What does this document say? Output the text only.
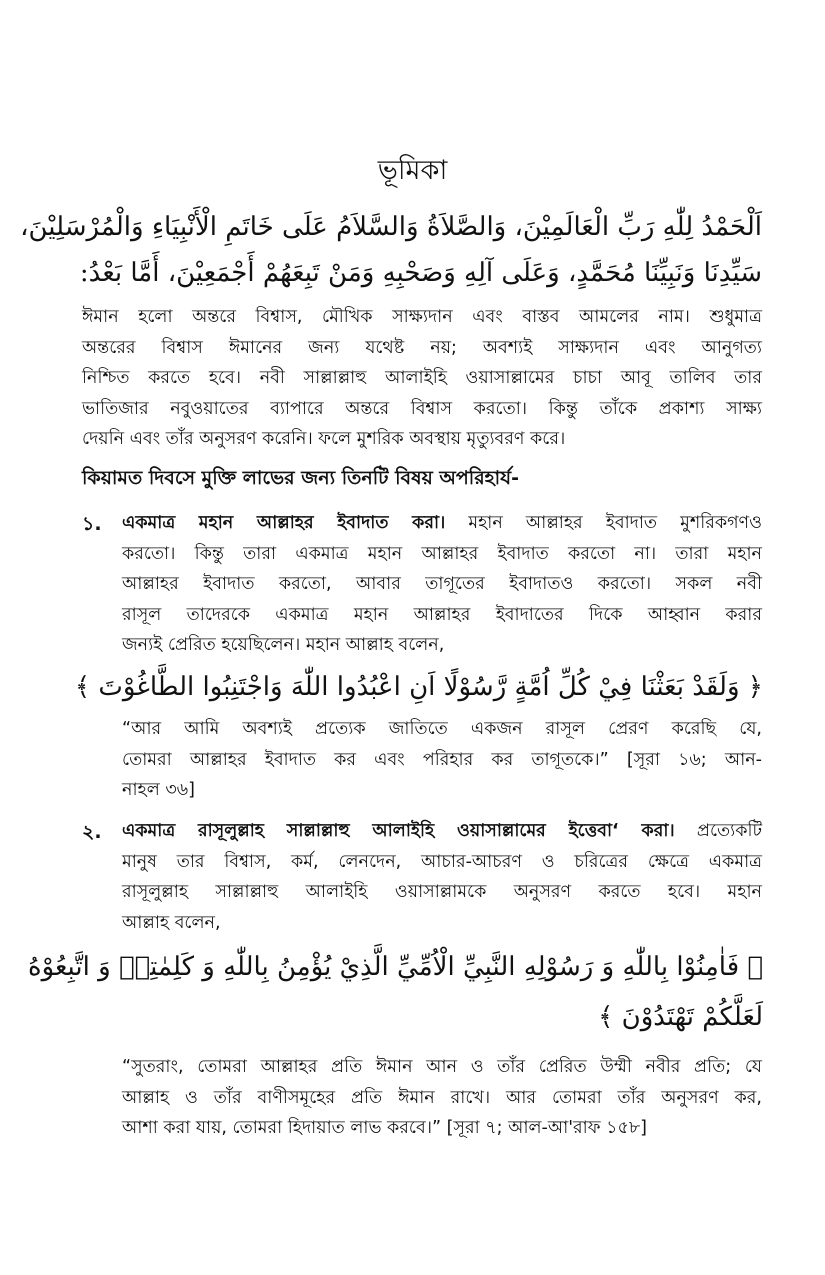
ভূমিকা
اَلْحَمْدُ لِلّٰهِ رَبِّ الْعَالَمِيْنَ، وَالصَّلاَةُ وَالسَّلاَمُ عَلَى خَاتَمِ الْأَنْبِيَاءِ وَالْمُرْسَلِيْنَ،
سَيِّدِنَا وَنَبِيِّنَا مُحَمَّدٍ، وَعَلَى آلِهِ وَصَحْبِهِ وَمَنْ تَبِعَهُمْ أَجْمَعِيْنَ، أَمَّا بَعْدُ:
ঈমান হলো অন্তরে বিশ্বাস, মৌখিক সাক্ষ্যদান এবং বাস্তব আমলের নাম। শুধুমাত্র
অন্তরের বিশ্বাস ঈমানের জন্য যথেষ্ট নয়; অবশ্যই সাক্ষ্যদান এবং আনুগত্য
নিশ্চিত করতে হবে। নবী সাল্লাল্লাহু আলাইহি ওয়াসাল্লামের চাচা আবূ তালিব তার
ভাতিজার নবুওয়াতের ব্যাপারে অন্তরে বিশ্বাস করতো। কিন্তু তাঁকে প্রকাশ্য সাক্ষ্য
দেয়নি এবং তাঁর অনুসরণ করেনি। ফলে মুশরিক অবস্থায় মৃত্যুবরণ করে।
কিয়ামত দিবসে মুক্তি লাভের জন্য তিনটি বিষয় অপরিহার্য-
১. একমাত্র মহান আল্লাহর ইবাদাত করা। মহান আল্লাহর ইবাদাত মুশরিকগণও
করতো। কিন্তু তারা একমাত্র মহান আল্লাহর ইবাদাত করতো না। তারা মহান
আল্লাহর ইবাদাত করতো, আবার তাগূতের ইবাদাতও করতো। সকল নবী
রাসূল তাদেরকে একমাত্র মহান আল্লাহর ইবাদাতের দিকে আহ্বান করার
জন্যই প্রেরিত হয়েছিলেন। মহান আল্লাহ বলেন,
﴿ وَلَقَدْ بَعَثْنَا فِيْ كُلِّ اُمَّةٍ رَّسُوْلًا اَنِ اعْبُدُوا اللّٰهَ وَاجْتَنِبُوا الطَّاغُوْتَ ﴾
“আর আমি অবশ্যই প্রত্যেক জাতিতে একজন রাসূল প্রেরণ করেছি যে,
তোমরা আল্লাহর ইবাদাত কর এবং পরিহার কর তাগূতকে।” [সূরা ১৬; আন-
নাহল ৩৬]
২. একমাত্র রাসূলুল্লাহ সাল্লাল্লাহু আলাইহি ওয়াসাল্লামের ইত্তেবা‘ করা। প্রত্যেকটি
মানুষ তার বিশ্বাস, কর্ম, লেনদেন, আচার-আচরণ ও চরিত্রের ক্ষেত্রে একমাত্র
রাসূলুল্লাহ সাল্লাল্লাহু আলাইহি ওয়াসাল্লামকে অনুসরণ করতে হবে। মহান
আল্লাহ বলেন,
﴿ فَاٰمِنُوْا بِاللّٰهِ وَ رَسُوْلِهِ النَّبِيِّ الْاُمِّيِّ الَّذِيْ يُؤْمِنُ بِاللّٰهِ وَ كَلِمٰتِهٖ وَ اتَّبِعُوْهُ
لَعَلَّكُمْ تَهْتَدُوْنَ ﴾
“সুতরাং, তোমরা আল্লাহর প্রতি ঈমান আন ও তাঁর প্রেরিত উম্মী নবীর প্রতি; যে
আল্লাহ ও তাঁর বাণীসমূহের প্রতি ঈমান রাখে। আর তোমরা তাঁর অনুসরণ কর,
আশা করা যায়, তোমরা হিদায়াত লাভ করবে।” [সূরা ৭; আল-আ'রাফ ১৫৮]
